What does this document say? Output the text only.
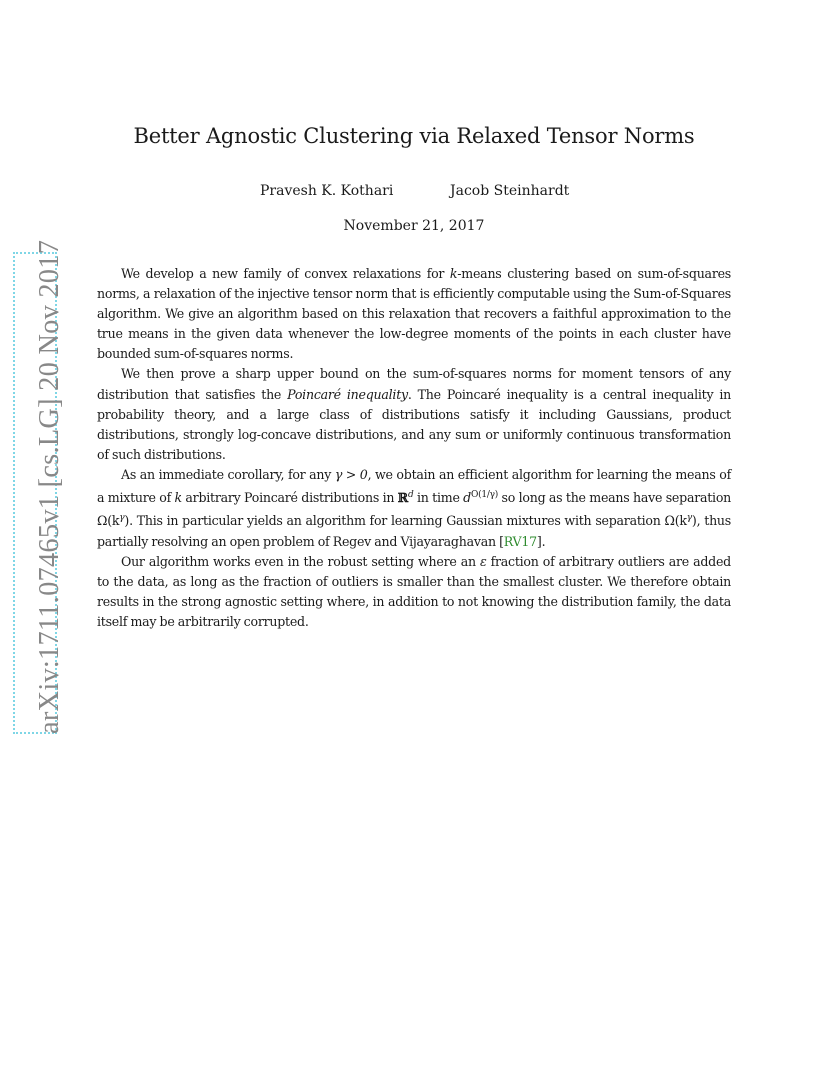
arXiv:1711.07465v1 [cs.LG] 20 Nov 2017
Better Agnostic Clustering via Relaxed Tensor Norms
Pravesh K. Kothari	Jacob Steinhardt
November 21, 2017

We develop a new family of convex relaxations for k-means clustering based on sum-of-squares norms, a relaxation of the injective tensor norm that is efficiently computable using the Sum-of-Squares algorithm. We give an algorithm based on this relaxation that recovers a faithful approximation to the true means in the given data whenever the low-degree moments of the points in each cluster have bounded sum-of-squares norms.

We then prove a sharp upper bound on the sum-of-squares norms for moment tensors of any distribution that satisfies the Poincaré inequality. The Poincaré inequality is a central inequality in probability theory, and a large class of distributions satisfy it including Gaussians, product distributions, strongly log-concave distributions, and any sum or uniformly continuous transformation of such distributions.

As an immediate corollary, for any γ > 0, we obtain an efficient algorithm for learning the means of a mixture of k arbitrary Poincaré distributions in ℝ$^d$ in time $d^{O(1/\gamma)}$ so long as the means have separation $\Omega(k^\gamma)$. This in particular yields an algorithm for learning Gaussian mixtures with separation $\Omega(k^\gamma)$, thus partially resolving an open problem of Regev and Vijayaraghavan [RV17].

Our algorithm works even in the robust setting where an ε fraction of arbitrary outliers are added to the data, as long as the fraction of outliers is smaller than the smallest cluster. We therefore obtain results in the strong agnostic setting where, in addition to not knowing the distribution family, the data itself may be arbitrarily corrupted.
